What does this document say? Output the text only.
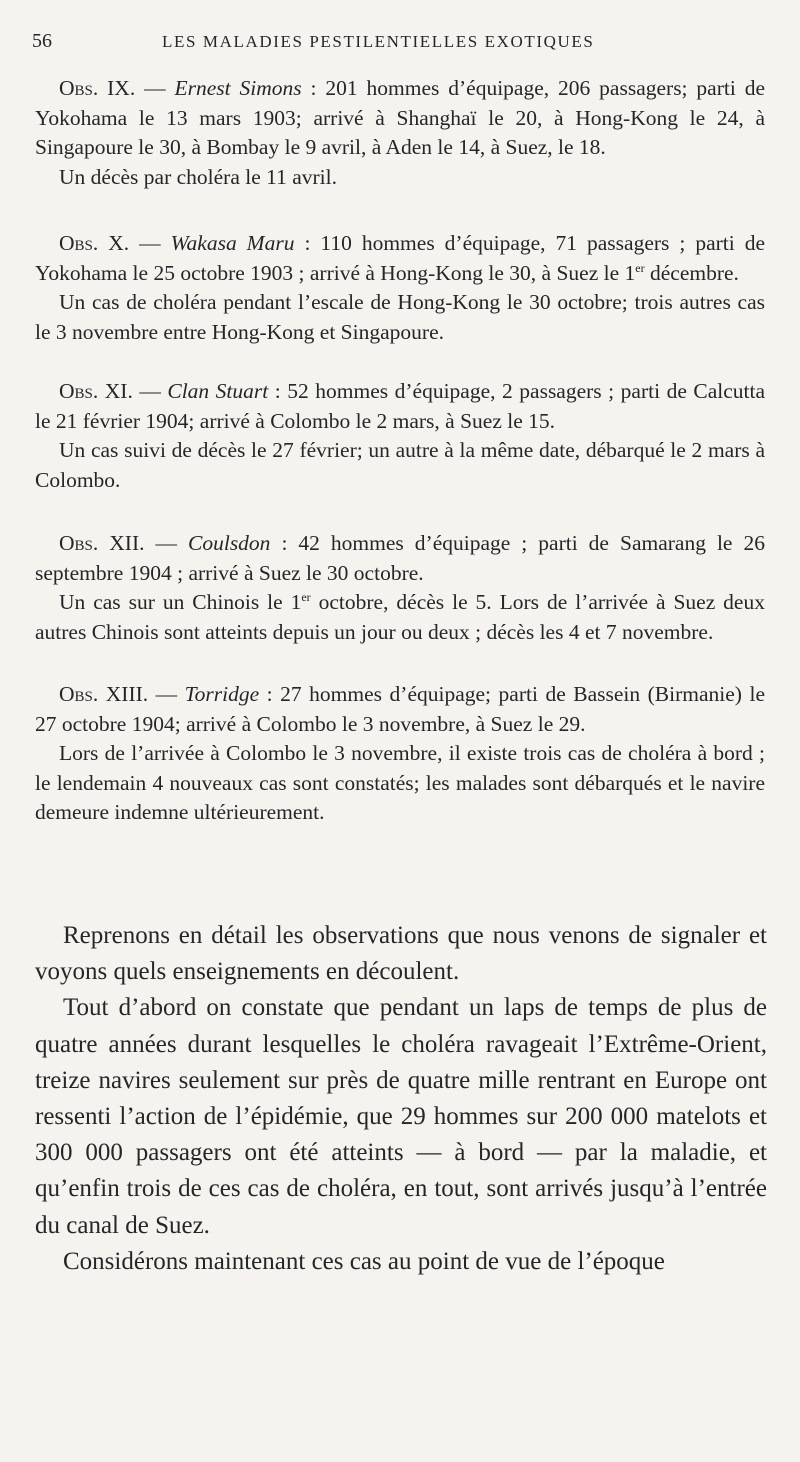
56	LES MALADIES PESTILENTIELLES EXOTIQUES

Obs. IX. — Ernest Simons : 201 hommes d’équipage, 206 passagers; parti de Yokohama le 13 mars 1903; arrivé à Shanghaï le 20, à Hong-Kong le 24, à Singapoure le 30, à Bombay le 9 avril, à Aden le 14, à Suez, le 18.

Un décès par choléra le 11 avril.

Obs. X. — Wakasa Maru : 110 hommes d’équipage, 71 passagers ; parti de Yokohama le 25 octobre 1903 ; arrivé à Hong-Kong le 30, à Suez le 1er décembre.

Un cas de choléra pendant l’escale de Hong-Kong le 30 octobre; trois autres cas le 3 novembre entre Hong-Kong et Singapoure.

Obs. XI. — Clan Stuart : 52 hommes d’équipage, 2 passagers ; parti de Calcutta le 21 février 1904; arrivé à Colombo le 2 mars, à Suez le 15.

Un cas suivi de décès le 27 février; un autre à la même date, débarqué le 2 mars à Colombo.

Obs. XII. — Coulsdon : 42 hommes d’équipage ; parti de Samarang le 26 septembre 1904 ; arrivé à Suez le 30 octobre.

Un cas sur un Chinois le 1er octobre, décès le 5. Lors de l’arrivée à Suez deux autres Chinois sont atteints depuis un jour ou deux ; décès les 4 et 7 novembre.

Obs. XIII. — Torridge : 27 hommes d’équipage; parti de Bassein (Birmanie) le 27 octobre 1904; arrivé à Colombo le 3 novembre, à Suez le 29.

Lors de l’arrivée à Colombo le 3 novembre, il existe trois cas de choléra à bord ; le lendemain 4 nouveaux cas sont constatés; les malades sont débarqués et le navire demeure indemne ultérieurement.

Reprenons en détail les observations que nous venons de signaler et voyons quels enseignements en découlent.

Tout d’abord on constate que pendant un laps de temps de plus de quatre années durant lesquelles le choléra ravageait l’Extrême-Orient, treize navires seulement sur près de quatre mille rentrant en Europe ont ressenti l’action de l’épidémie, que 29 hommes sur 200 000 matelots et 300 000 passagers ont été atteints — à bord — par la maladie, et qu’enfin trois de ces cas de choléra, en tout, sont arrivés jusqu’à l’entrée du canal de Suez.

Considérons maintenant ces cas au point de vue de l’époque
